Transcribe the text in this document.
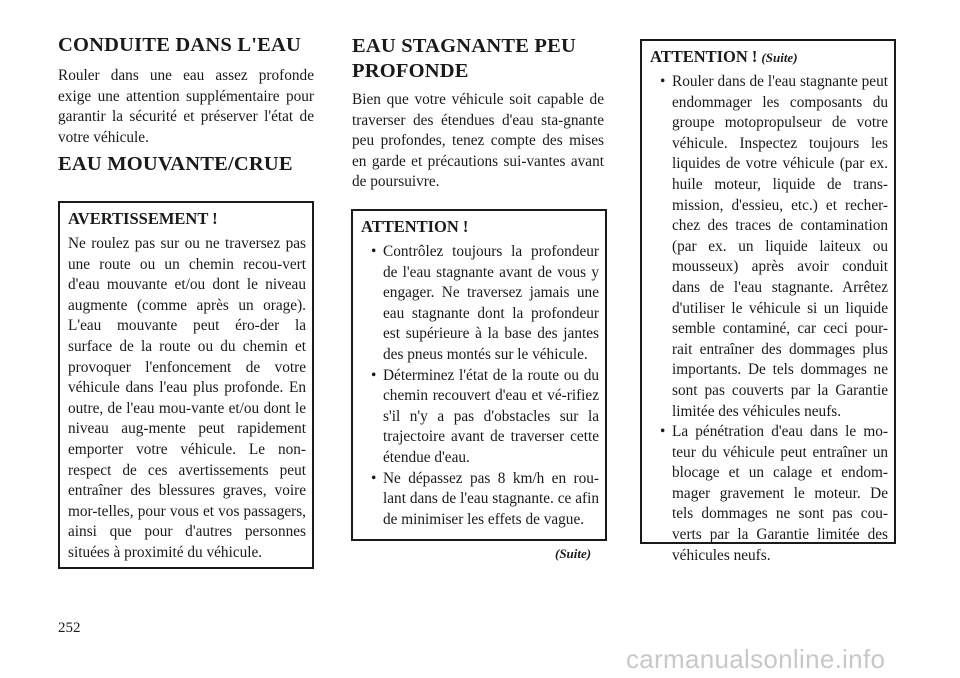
CONDUITE DANS L'EAU

Rouler dans une eau assez profonde exige une attention supplémentaire pour garantir la sécurité et préserver l'état de votre véhicule.

EAU MOUVANTE/CRUE
AVERTISSEMENT !

Ne roulez pas sur ou ne traversez pas une route ou un chemin recou-vert d'eau mouvante et/ou dont le niveau augmente (comme après un orage). L'eau mouvante peut éro-der la surface de la route ou du chemin et provoquer l'enfoncement de votre véhicule dans l'eau plus profonde. En outre, de l'eau mou-vante et/ou dont le niveau aug-mente peut rapidement emporter votre véhicule. Le non-respect de ces avertissements peut entraîner des blessures graves, voire mor-telles, pour vous et vos passagers, ainsi que pour d'autres personnes situées à proximité du véhicule.

EAU STAGNANTE PEU PROFONDE

Bien que votre véhicule soit capable de traverser des étendues d'eau sta-gnante peu profondes, tenez compte des mises en garde et précautions sui-vantes avant de poursuivre.

ATTENTION !
• Contrôlez toujours la profondeur de l'eau stagnante avant de vous y engager. Ne traversez jamais une eau stagnante dont la profondeur est supérieure à la base des jantes des pneus montés sur le véhicule.
• Déterminez l'état de la route ou du chemin recouvert d'eau et vé-rifiez s'il n'y a pas d'obstacles sur la trajectoire avant de traverser cette étendue d'eau.
• Ne dépassez pas 8 km/h en rou-lant dans de l'eau stagnante. ce afin de minimiser les effets de vague.
(Suite)
ATTENTION ! (Suite)
• Rouler dans de l'eau stagnante peut endommager les composants du groupe motopropulseur de votre véhicule. Inspectez toujours les liquides de votre véhicule (par ex. huile moteur, liquide de trans-mission, d'essieu, etc.) et recher-chez des traces de contamination (par ex. un liquide laiteux ou mousseux) après avoir conduit dans de l'eau stagnante. Arrêtez d'utiliser le véhicule si un liquide semble contaminé, car ceci pour-rait entraîner des dommages plus importants. De tels dommages ne sont pas couverts par la Garantie limitée des véhicules neufs.
• La pénétration d'eau dans le mo-teur du véhicule peut entraîner un blocage et un calage et endom-mager gravement le moteur. De tels dommages ne sont pas cou-verts par la Garantie limitée des véhicules neufs.
252
carmanualsonline.info
